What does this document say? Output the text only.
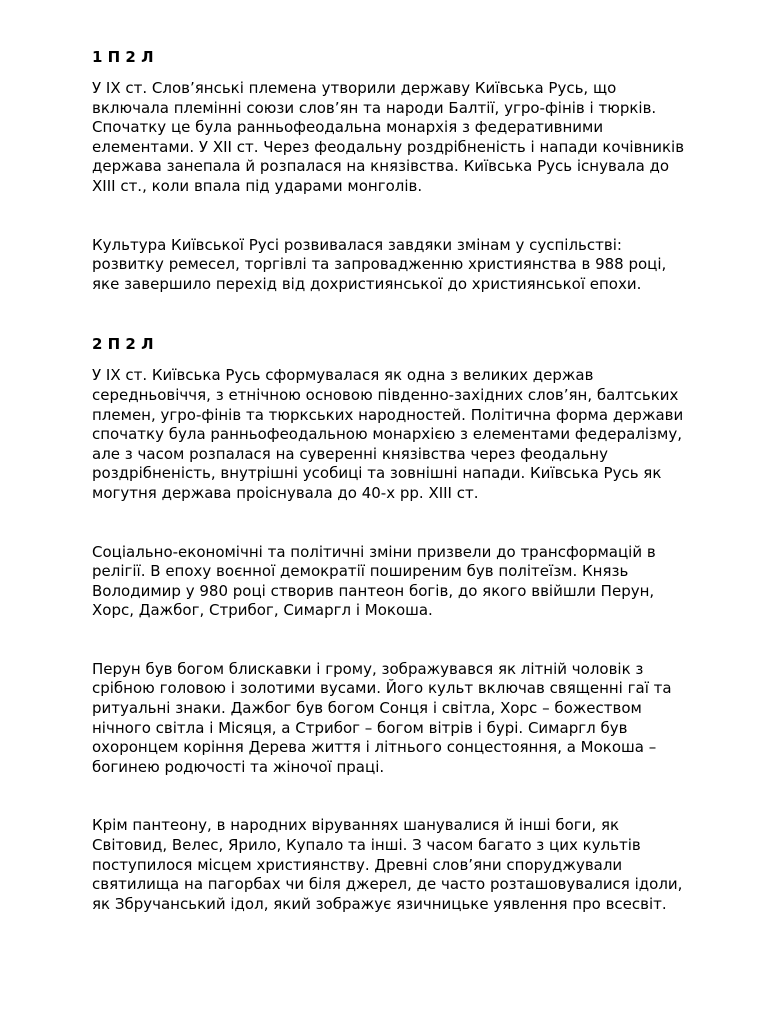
1 П 2 Л

У IX ст. Слов’янські племена утворили державу Київська Русь, що
включала племінні союзи слов’ян та народи Балтії, угро-фінів і тюрків.
Спочатку це була ранньофеодальна монархія з федеративними
елементами. У XII ст. Через феодальну роздрібненість і напади кочівників
держава занепала й розпалася на князівства. Київська Русь існувала до
XIII ст., коли впала під ударами монголів.

Культура Київської Русі розвивалася завдяки змінам у суспільстві:
розвитку ремесел, торгівлі та запровадженню християнства в 988 році,
яке завершило перехід від дохристиянської до християнської епохи.

2 П 2 Л

У IX ст. Київська Русь сформувалася як одна з великих держав
середньовіччя, з етнічною основою південно-західних слов’ян, балтських
племен, угро-фінів та тюркських народностей. Політична форма держави
спочатку була ранньофеодальною монархією з елементами федералізму,
але з часом розпалася на суверенні князівства через феодальну
роздрібненість, внутрішні усобиці та зовнішні напади. Київська Русь як
могутня держава проіснувала до 40-х рр. XIII ст.

Соціально-економічні та політичні зміни призвели до трансформацій в
релігії. В епоху воєнної демократії поширеним був політеїзм. Князь
Володимир у 980 році створив пантеон богів, до якого ввійшли Перун,
Хорс, Дажбог, Стрибог, Симаргл і Мокоша.

Перун був богом блискавки і грому, зображувався як літній чоловік з
срібною головою і золотими вусами. Його культ включав священні гаї та
ритуальні знаки. Дажбог був богом Сонця і світла, Хорс – божеством
нічного світла і Місяця, а Стрибог – богом вітрів і бурі. Симаргл був
охоронцем коріння Дерева життя і літнього сонцестояння, а Мокоша –
богинею родючості та жіночої праці.

Крім пантеону, в народних віруваннях шанувалися й інші боги, як
Світовид, Велес, Ярило, Купало та інші. З часом багато з цих культів
поступилося місцем християнству. Древні слов’яни споруджували
святилища на пагорбах чи біля джерел, де часто розташовувалися ідоли,
як Збручанський ідол, який зображує язичницьке уявлення про всесвіт.
